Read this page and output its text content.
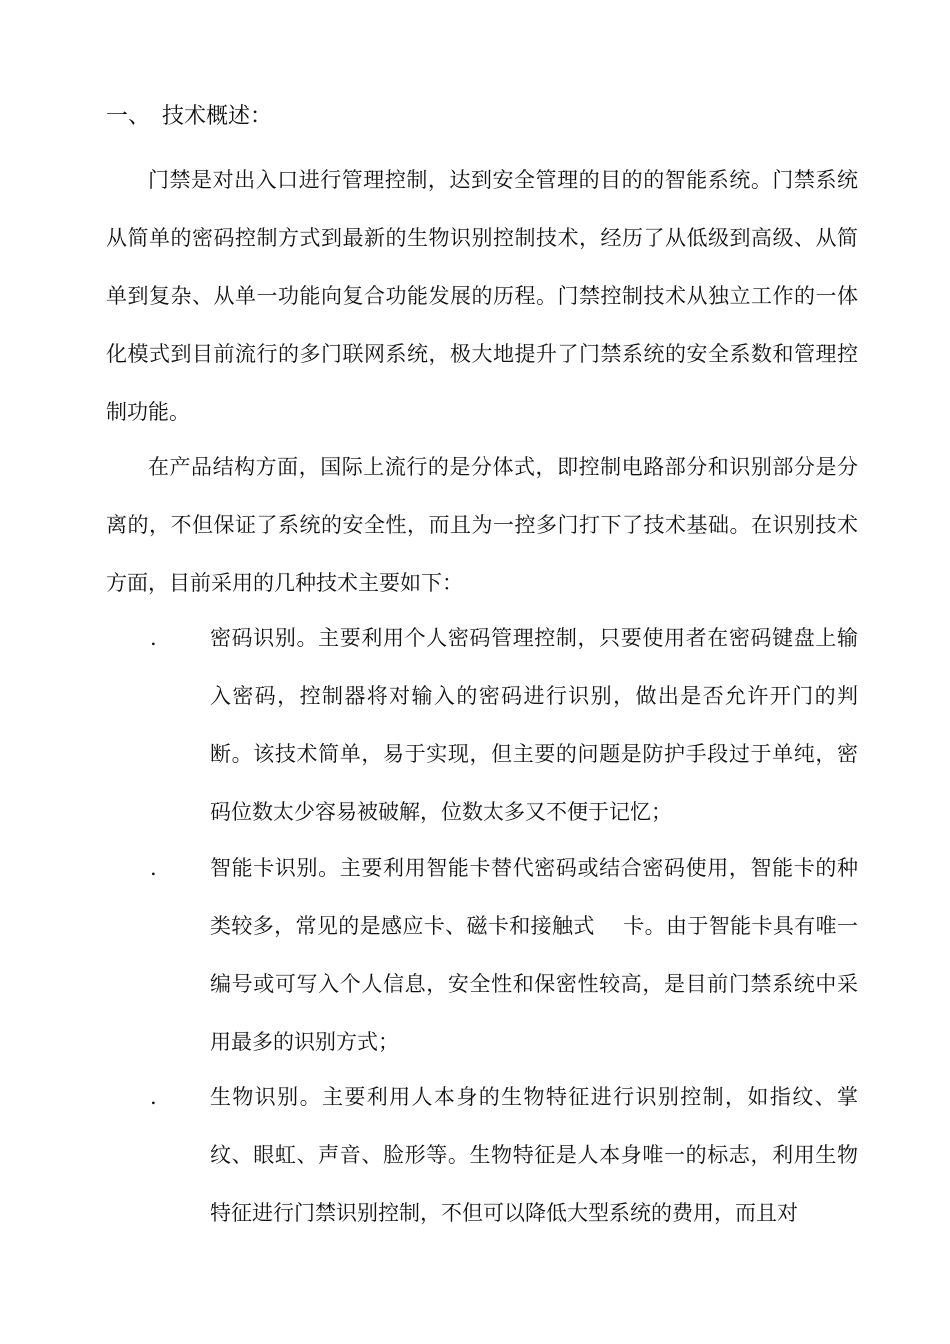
一、 技术概述：

门禁是对出入口进行管理控制，达到安全管理的目的的智能系统。门禁系统从简单的密码控制方式到最新的生物识别控制技术，经历了从低级到高级、从简单到复杂、从单一功能向复合功能发展的历程。门禁控制技术从独立工作的一体化模式到目前流行的多门联网系统，极大地提升了门禁系统的安全系数和管理控制功能。

在产品结构方面，国际上流行的是分体式，即控制电路部分和识别部分是分离的，不但保证了系统的安全性，而且为一控多门打下了技术基础。在识别技术方面，目前采用的几种技术主要如下：

.	密码识别。主要利用个人密码管理控制，只要使用者在密码键盘上输入密码，控制器将对输入的密码进行识别，做出是否允许开门的判断。该技术简单，易于实现，但主要的问题是防护手段过于单纯，密码位数太少容易被破解，位数太多又不便于记忆；

.	智能卡识别。主要利用智能卡替代密码或结合密码使用，智能卡的种类较多，常见的是感应卡、磁卡和接触式　 卡。由于智能卡具有唯一编号或可写入个人信息，安全性和保密性较高，是目前门禁系统中采用最多的识别方式；

.	生物识别。主要利用人本身的生物特征进行识别控制，如指纹、掌纹、眼虹、声音、脸形等。生物特征是人本身唯一的标志，利用生物特征进行门禁识别控制，不但可以降低大型系统的费用，而且对
